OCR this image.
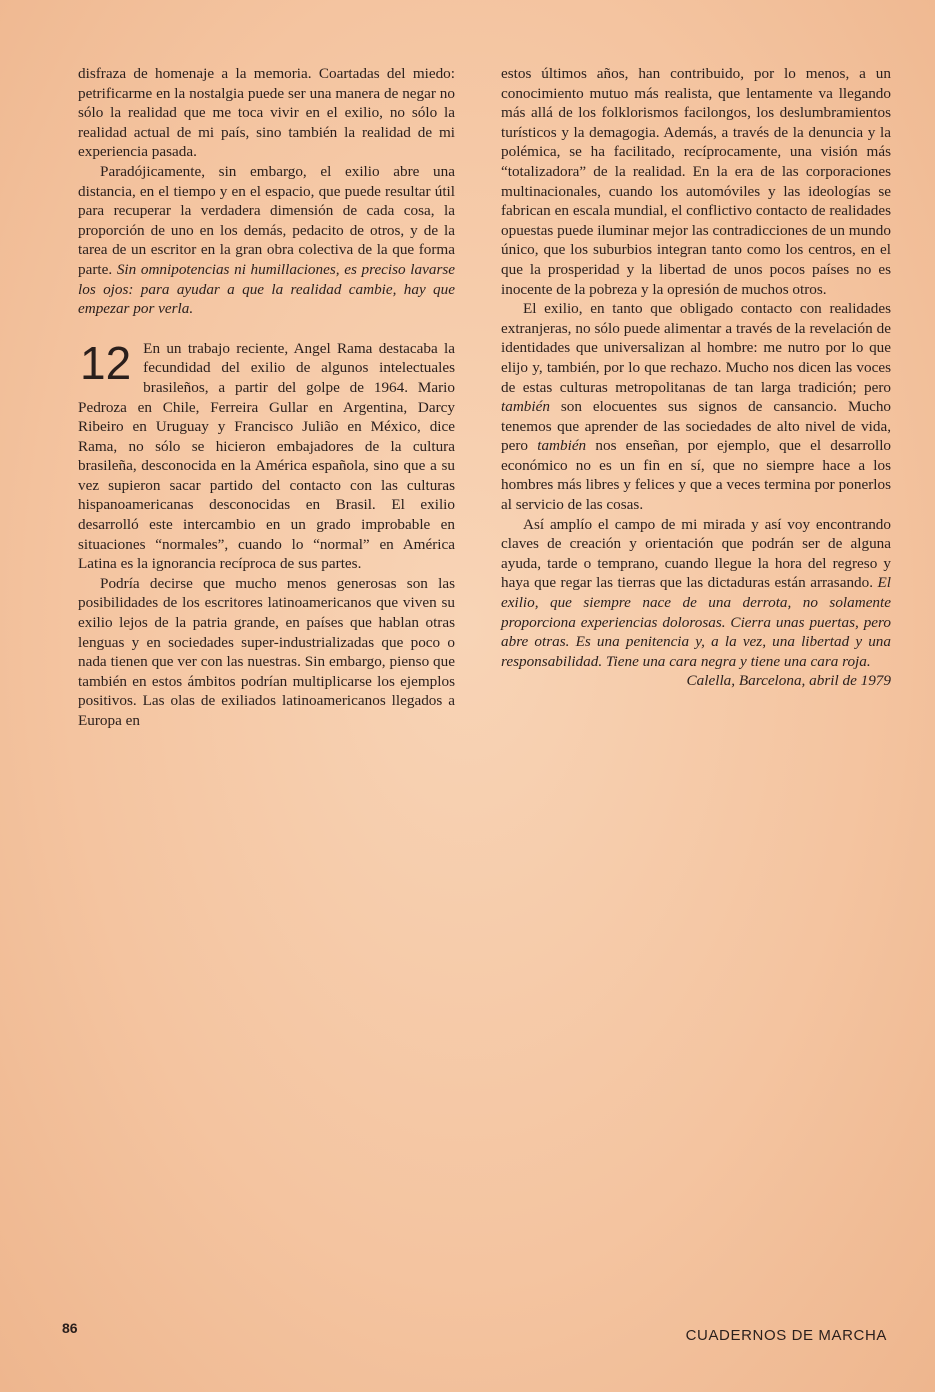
disfraza de homenaje a la memoria. Coartadas del miedo: petrificarme en la nostalgia puede ser una manera de negar no sólo la realidad que me toca vivir en el exilio, no sólo la realidad actual de mi país, sino también la realidad de mi experiencia pasada.

Paradójicamente, sin embargo, el exilio abre una distancia, en el tiempo y en el espacio, que puede resultar útil para recuperar la verdadera dimensión de cada cosa, la proporción de uno en los demás, pedacito de otros, y de la tarea de un escritor en la gran obra colectiva de la que forma parte. Sin omnipotencias ni humillaciones, es preciso lavarse los ojos: para ayudar a que la realidad cambie, hay que empezar por verla.

12 En un trabajo reciente, Angel Rama destacaba la fecundidad del exilio de algunos intelectuales brasileños, a partir del golpe de 1964. Mario Pedroza en Chile, Ferreira Gullar en Argentina, Darcy Ribeiro en Uruguay y Francisco Julião en México, dice Rama, no sólo se hicieron embajadores de la cultura brasileña, desconocida en la América española, sino que a su vez supieron sacar partido del contacto con las culturas hispanoamericanas desconocidas en Brasil. El exilio desarrolló este intercambio en un grado improbable en situaciones “normales”, cuando lo “normal” en América Latina es la ignorancia recíproca de sus partes.

Podría decirse que mucho menos generosas son las posibilidades de los escritores latinoamericanos que viven su exilio lejos de la patria grande, en países que hablan otras lenguas y en sociedades super-industrializadas que poco o nada tienen que ver con las nuestras. Sin embargo, pienso que también en estos ámbitos podrían multiplicarse los ejemplos positivos. Las olas de exiliados latinoamericanos llegados a Europa en

estos últimos años, han contribuido, por lo menos, a un conocimiento mutuo más realista, que lentamente va llegando más allá de los folklorismos facilongos, los deslumbramientos turísticos y la demagogia. Además, a través de la denuncia y la polémica, se ha facilitado, recíprocamente, una visión más “totalizadora” de la realidad. En la era de las corporaciones multinacionales, cuando los automóviles y las ideologías se fabrican en escala mundial, el conflictivo contacto de realidades opuestas puede iluminar mejor las contradicciones de un mundo único, que los suburbios integran tanto como los centros, en el que la prosperidad y la libertad de unos pocos países no es inocente de la pobreza y la opresión de muchos otros.

El exilio, en tanto que obligado contacto con realidades extranjeras, no sólo puede alimentar a través de la revelación de identidades que universalizan al hombre: me nutro por lo que elijo y, también, por lo que rechazo. Mucho nos dicen las voces de estas culturas metropolitanas de tan larga tradición; pero también son elocuentes sus signos de cansancio. Mucho tenemos que aprender de las sociedades de alto nivel de vida, pero también nos enseñan, por ejemplo, que el desarrollo económico no es un fin en sí, que no siempre hace a los hombres más libres y felices y que a veces termina por ponerlos al servicio de las cosas.

Así amplío el campo de mi mirada y así voy encontrando claves de creación y orientación que podrán ser de alguna ayuda, tarde o temprano, cuando llegue la hora del regreso y haya que regar las tierras que las dictaduras están arrasando. El exilio, que siempre nace de una derrota, no solamente proporciona experiencias dolorosas. Cierra unas puertas, pero abre otras. Es una penitencia y, a la vez, una libertad y una responsabilidad. Tiene una cara negra y tiene una cara roja.

Calella, Barcelona, abril de 1979

86	CUADERNOS DE MARCHA
